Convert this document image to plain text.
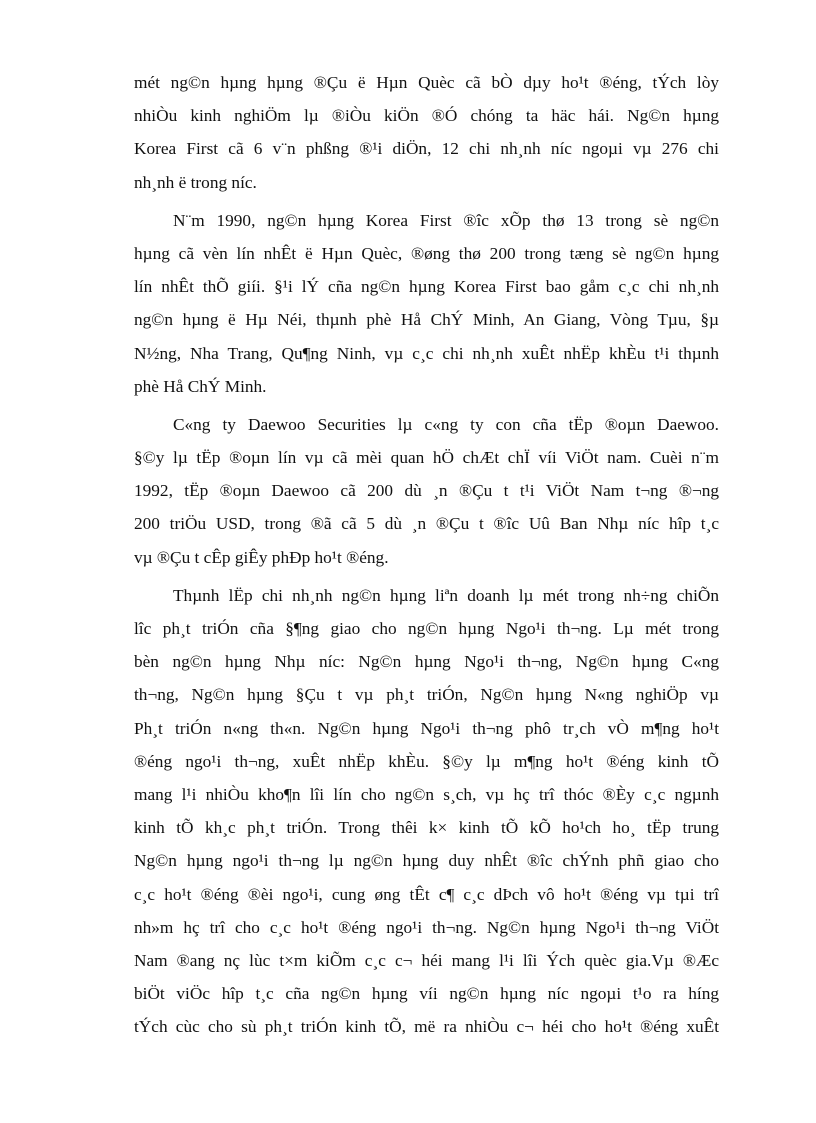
mét ng©n hµng hµng ®Çu ë Hµn Quèc cã bÒ dµy ho¹t ®éng, tÝch lòy
nhiÒu kinh nghiÖm lµ ®iÒu kiÖn ®Ó chóng ta häc hái. Ng©n hµng
Korea First cã 6 v¨n phßng ®¹i diÖn, 12 chi nh¸nh níc ngoµi vµ 276 chi
nh¸nh ë trong níc.
N¨m 1990, ng©n hµng Korea First ®îc xÕp thø 13 trong sè ng©n
hµng cã vèn lín nhÊt ë Hµn Quèc, ®øng thø 200 trong tæng sè ng©n hµng
lín nhÊt thÕ giíi. §¹i lÝ cña ng©n hµng Korea First bao gåm c¸c chi nh¸nh
ng©n hµng ë Hµ Néi, thµnh phè Hå ChÝ Minh, An Giang, Vòng Tµu, §µ
N½ng, Nha Trang, Qu¶ng Ninh, vµ c¸c chi nh¸nh xuÊt nhËp khÈu t¹i thµnh
phè Hå ChÝ Minh.
C«ng ty Daewoo Securities lµ c«ng ty con cña tËp ®oµn Daewoo.
§©y lµ tËp ®oµn lín vµ cã mèi quan hÖ chÆt chÏ víi ViÖt nam. Cuèi n¨m
1992, tËp ®oµn Daewoo cã 200 dù ¸n ®Çu t t¹i ViÖt Nam t¬ng ®¬ng
200 triÖu USD, trong ®ã cã 5 dù ¸n ®Çu t ®îc Uû Ban Nhµ níc hîp t¸c
vµ ®Çu t cÊp giÊy phÐp ho¹t ®éng.
Thµnh lËp chi nh¸nh ng©n hµng liªn doanh lµ mét trong nh÷ng chiÕn
lîc ph¸t triÓn cña §¶ng giao cho ng©n hµng Ngo¹i th¬ng. Lµ mét trong
bèn ng©n hµng Nhµ níc: Ng©n hµng Ngo¹i th¬ng, Ng©n hµng C«ng
th¬ng, Ng©n hµng §Çu t vµ ph¸t triÓn, Ng©n hµng N«ng nghiÖp vµ
Ph¸t triÓn n«ng th«n. Ng©n hµng Ngo¹i th¬ng phô tr¸ch vÒ m¶ng ho¹t
®éng ngo¹i th¬ng, xuÊt nhËp khÈu. §©y lµ m¶ng ho¹t ®éng kinh tÕ
mang l¹i nhiÒu kho¶n lîi lín cho ng©n s¸ch, vµ hç trî thóc ®Èy c¸c ngµnh
kinh tÕ kh¸c ph¸t triÓn. Trong thêi k× kinh tÕ kÕ ho¹ch ho¸ tËp trung
Ng©n hµng ngo¹i th¬ng lµ ng©n hµng duy nhÊt ®îc chÝnh phñ giao cho
c¸c ho¹t ®éng ®èi ngo¹i, cung øng tÊt c¶ c¸c dÞch vô ho¹t ®éng vµ tµi trî
nh»m hç trî cho c¸c ho¹t ®éng ngo¹i th¬ng. Ng©n hµng Ngo¹i th¬ng ViÖt
Nam ®ang nç lùc t×m kiÕm c¸c c¬ héi mang l¹i lîi Ých quèc gia.Vµ ®Æc
biÖt viÖc hîp t¸c cña ng©n hµng víi ng©n hµng níc ngoµi t¹o ra híng
tÝch cùc cho sù ph¸t triÓn kinh tÕ, më ra nhiÒu c¬ héi cho ho¹t ®éng xuÊt
